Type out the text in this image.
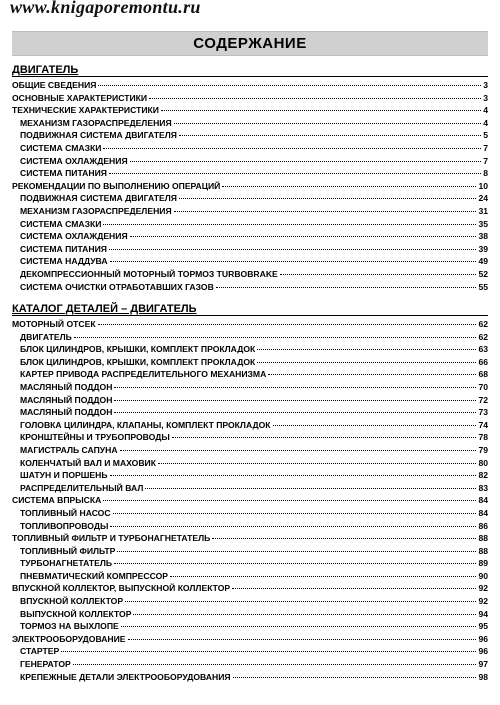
www.knigaporemontu.ru
СОДЕРЖАНИЕ
ДВИГАТЕЛЬ
ОБЩИЕ СВЕДЕНИЯ	3
ОСНОВНЫЕ ХАРАКТЕРИСТИКИ	3
ТЕХНИЧЕСКИЕ ХАРАКТЕРИСТИКИ	4
МЕХАНИЗМ ГАЗОРАСПРЕДЕЛЕНИЯ	4
ПОДВИЖНАЯ СИСТЕМА ДВИГАТЕЛЯ	5
СИСТЕМА СМАЗКИ	7
СИСТЕМА ОХЛАЖДЕНИЯ	7
СИСТЕМА ПИТАНИЯ	8
РЕКОМЕНДАЦИИ ПО ВЫПОЛНЕНИЮ ОПЕРАЦИЙ	10
ПОДВИЖНАЯ СИСТЕМА ДВИГАТЕЛЯ	24
МЕХАНИЗМ ГАЗОРАСПРЕДЕЛЕНИЯ	31
СИСТЕМА СМАЗКИ	35
СИСТЕМА ОХЛАЖДЕНИЯ	38
СИСТЕМА ПИТАНИЯ	39
СИСТЕМА НАДДУВА	49
ДЕКОМПРЕССИОННЫЙ МОТОРНЫЙ ТОРМОЗ TURBOBRAKE	52
СИСТЕМА ОЧИСТКИ ОТРАБОТАВШИХ ГАЗОВ	55
КАТАЛОГ ДЕТАЛЕЙ – ДВИГАТЕЛЬ
МОТОРНЫЙ ОТСЕК	62
ДВИГАТЕЛЬ	62
БЛОК ЦИЛИНДРОВ, КРЫШКИ, КОМПЛЕКТ ПРОКЛАДОК	63
БЛОК ЦИЛИНДРОВ, КРЫШКИ, КОМПЛЕКТ ПРОКЛАДОК	66
КАРТЕР ПРИВОДА РАСПРЕДЕЛИТЕЛЬНОГО МЕХАНИЗМА	68
МАСЛЯНЫЙ ПОДДОН	70
МАСЛЯНЫЙ ПОДДОН	72
МАСЛЯНЫЙ ПОДДОН	73
ГОЛОВКА ЦИЛИНДРА, КЛАПАНЫ, КОМПЛЕКТ ПРОКЛАДОК	74
КРОНШТЕЙНЫ И ТРУБОПРОВОДЫ	78
МАГИСТРАЛЬ САПУНА	79
КОЛЕНЧАТЫЙ ВАЛ И МАХОВИК	80
ШАТУН И ПОРШЕНЬ	82
РАСПРЕДЕЛИТЕЛЬНЫЙ ВАЛ	83
СИСТЕМА ВПРЫСКА	84
ТОПЛИВНЫЙ НАСОС	84
ТОПЛИВОПРОВОДЫ	86
ТОПЛИВНЫЙ ФИЛЬТР И ТУРБОНАГНЕТАТЕЛЬ	88
ТОПЛИВНЫЙ ФИЛЬТР	88
ТУРБОНАГНЕТАТЕЛЬ	89
ПНЕВМАТИЧЕСКИЙ КОМПРЕССОР	90
ВПУСКНОЙ КОЛЛЕКТОР, ВЫПУСКНОЙ КОЛЛЕКТОР	92
ВПУСКНОЙ КОЛЛЕКТОР	92
ВЫПУСКНОЙ КОЛЛЕКТОР	94
ТОРМОЗ НА ВЫХЛОПЕ	95
ЭЛЕКТРООБОРУДОВАНИЕ	96
СТАРТЕР	96
ГЕНЕРАТОР	97
КРЕПЕЖНЫЕ ДЕТАЛИ ЭЛЕКТРООБОРУДОВАНИЯ	98
